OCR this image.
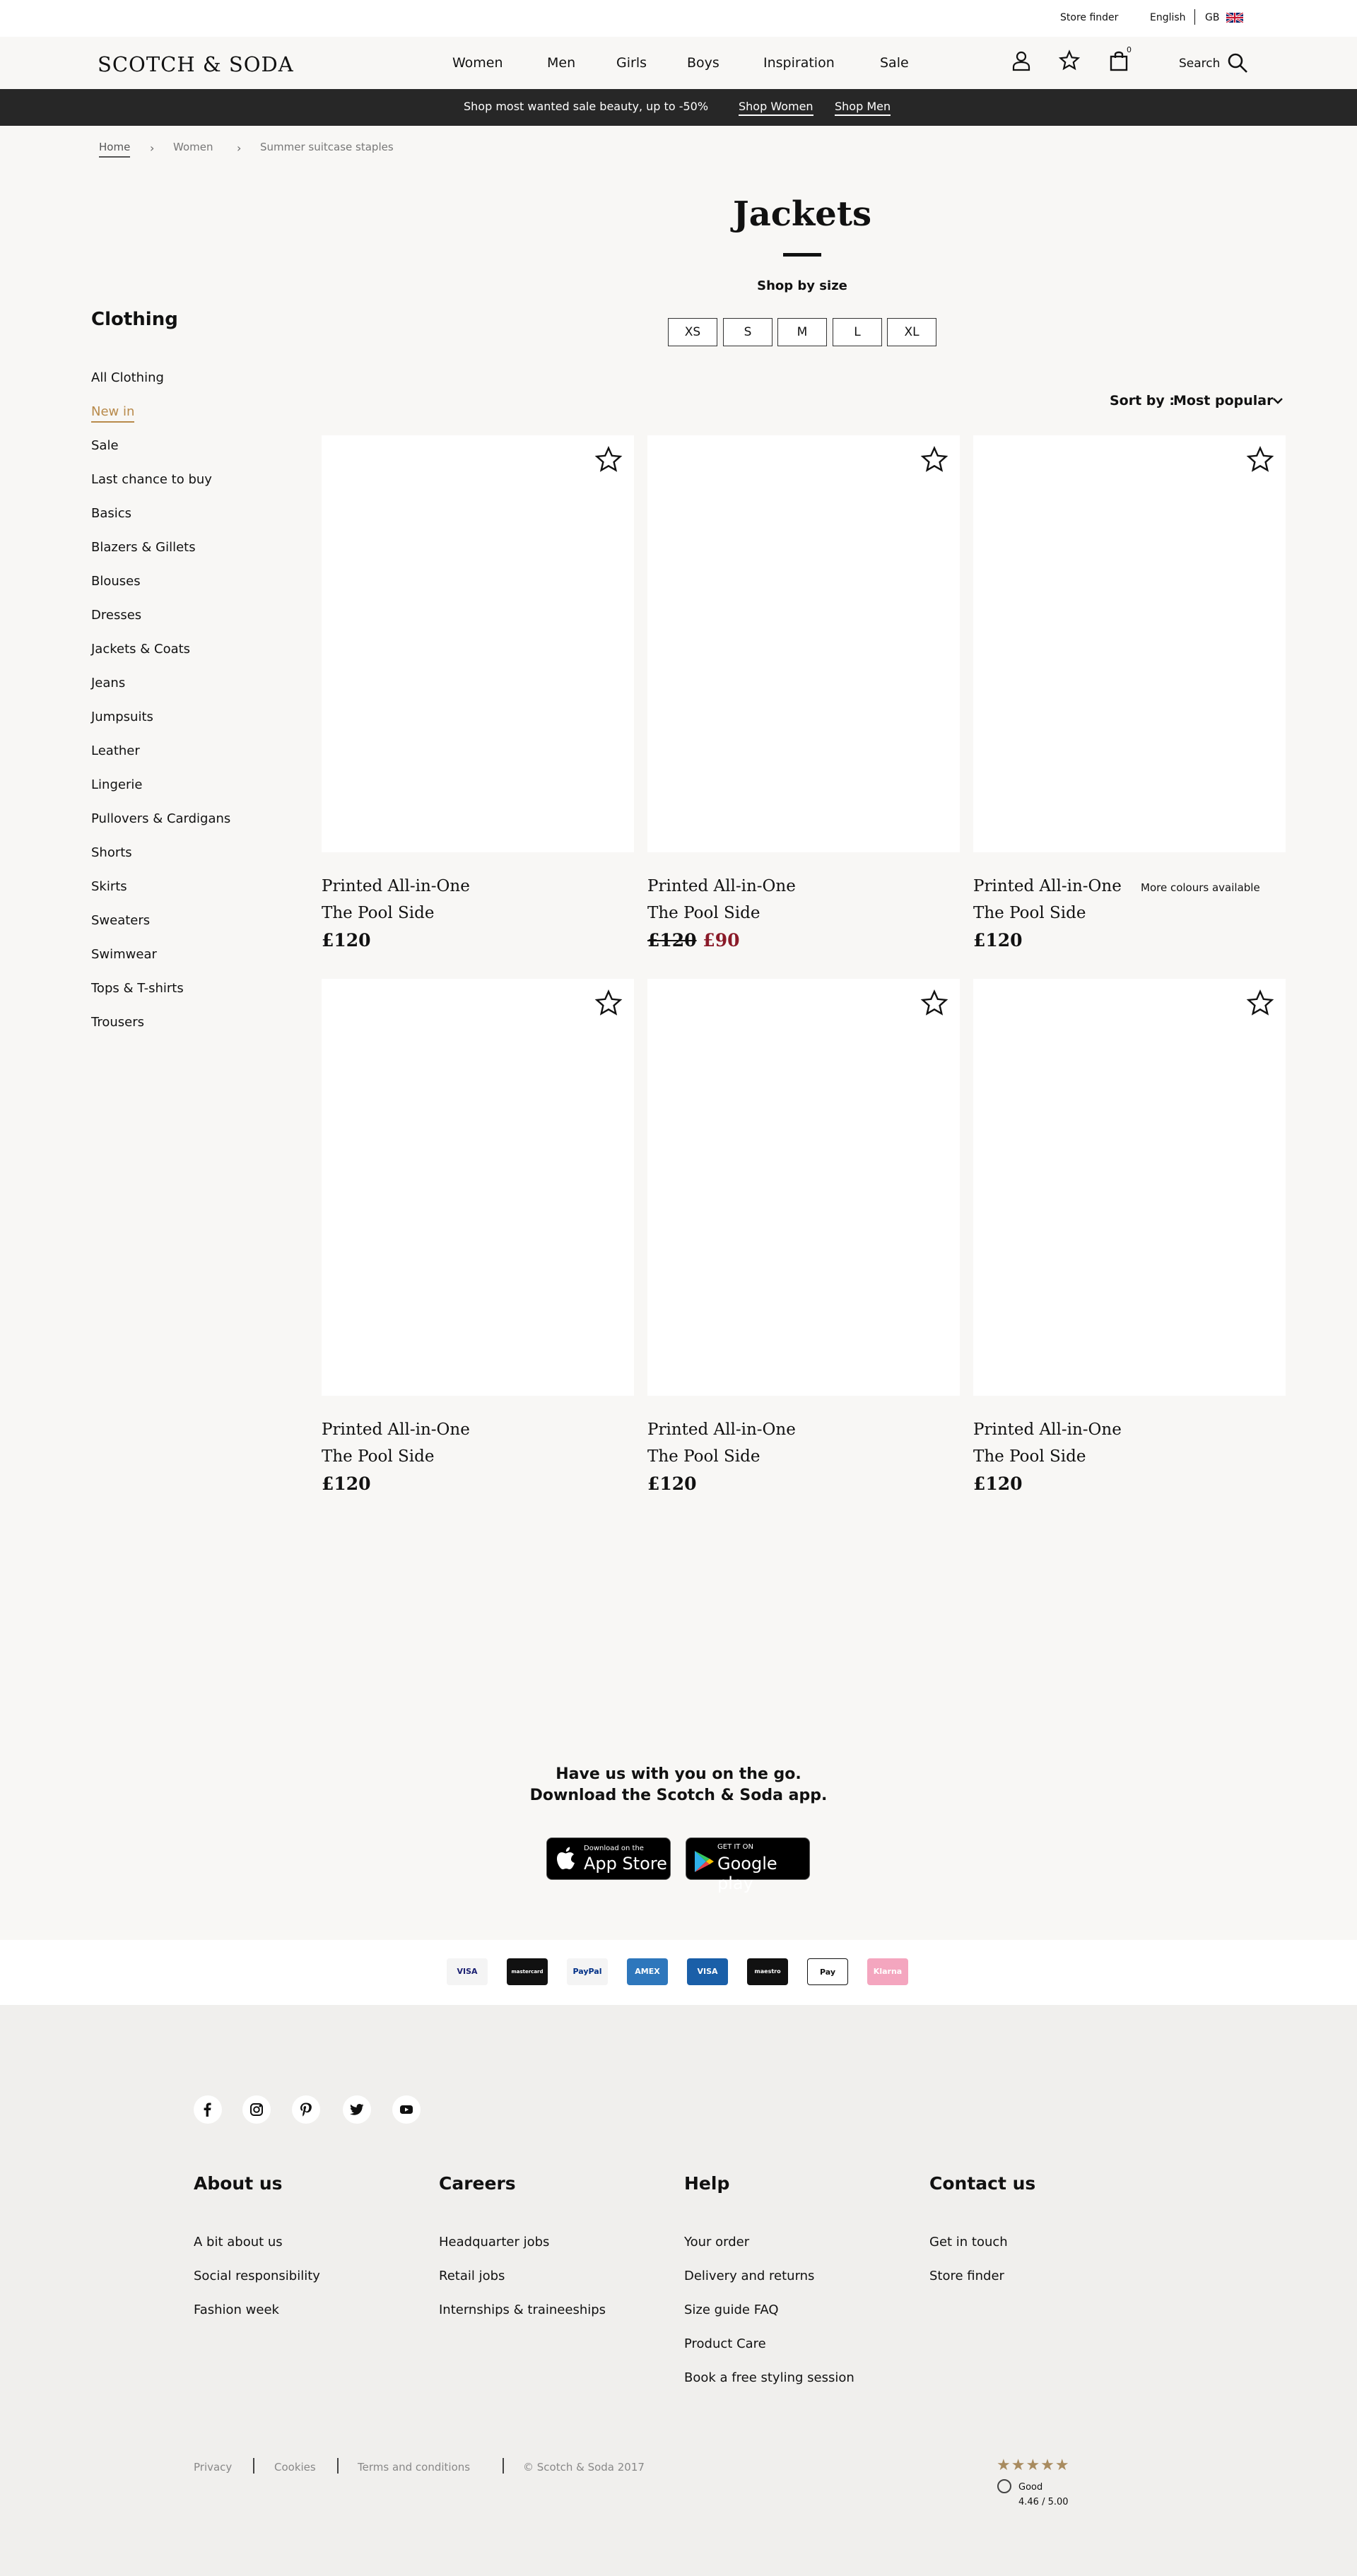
Store finder	English GB
SCOTCH & SODA	Women	Men	Girls	Boys	Inspiration	Sale
0
Search
Shop most wanted sale beauty, up to -50%	Shop Women Shop Men
Home › Women › Summer suitcase staples
Jackets
Shop by size
XS	S	M	L	XL
Clothing
All Clothing
New in
Sale
Last chance to buy
Basics
Blazers & Gillets
Blouses
Dresses
Jackets & Coats
Jeans
Jumpsuits
Leather
Lingerie
Pullovers & Cardigans
Shorts
Skirts
Sweaters
Swimwear
Tops & T-shirts
Trousers
Sort by :
Most popular
Printed All-in-One
The Pool Side
£120
Printed All-in-One
The Pool Side
£120 £90
Printed All-in-One More colours available
The Pool Side
£120
Printed All-in-One
The Pool Side
£120
Printed All-in-One
The Pool Side
£120
Printed All-in-One
The Pool Side
£120
Have us with you on the go.
Download the Scotch & Soda app.
Download on the
App Store
GET IT ON
Google play
VISA	mastercard	PayPal	AMEX	VISA	maestro	Pay	Klarna
About us
A bit about us
Social responsibility
Fashion week
Careers
Headquarter jobs
Retail jobs
Internships & traineeships
Help
Your order
Delivery and returns
Size guide FAQ
Product Care
Book a free styling session
Contact us
Get in touch
Store finder
Privacy	Cookies	Terms and conditions	© Scotch & Soda 2017	★★★★★
Good
4.46 / 5.00
